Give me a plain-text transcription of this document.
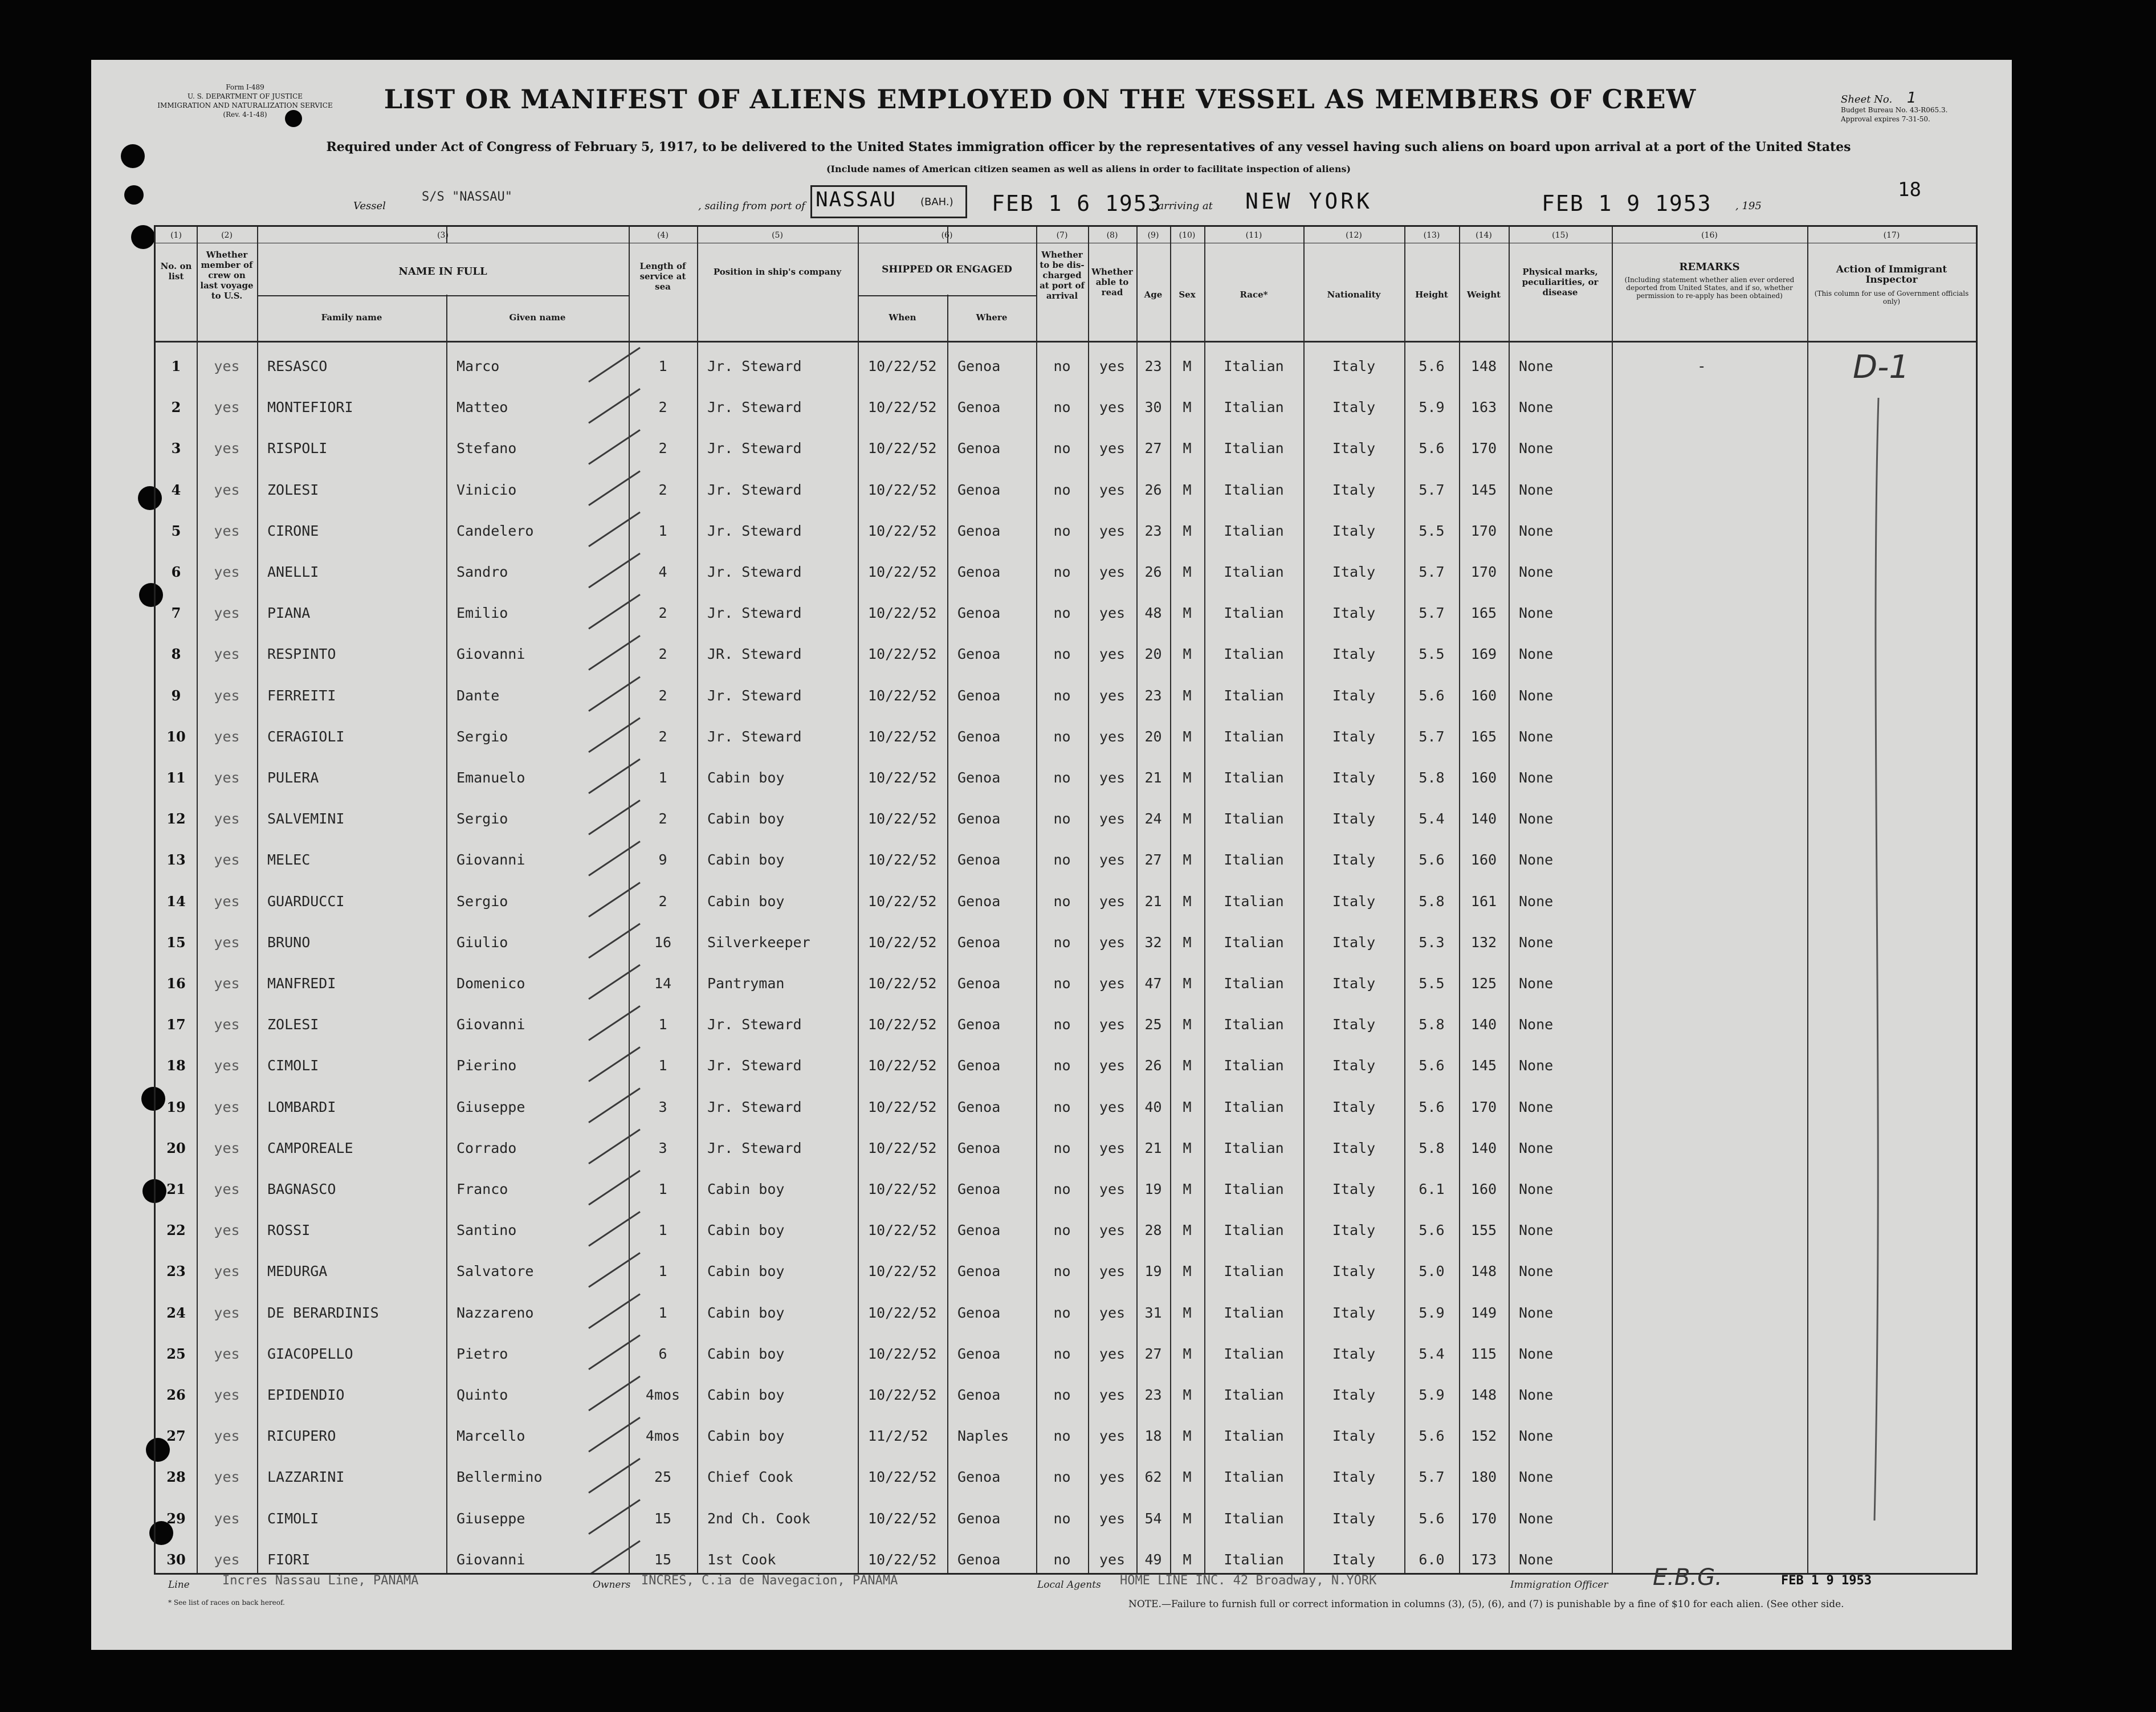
Form I-489
U. S. DEPARTMENT OF JUSTICE
IMMIGRATION AND NATURALIZATION SERVICE
(Rev. 4-1-48)	LIST OR MANIFEST OF ALIENS EMPLOYED ON THE VESSEL AS MEMBERS OF CREW
Required under Act of Congress of February 5, 1917, to be delivered to the United States immigration officer by the representatives of any vessel having such aliens on board upon arrival at a port of the United States
(Include names of American citizen seamen as well as aliens in order to facilitate inspection of aliens)
Sheet No. 1
Budget Bureau No. 43-R065.3.
Approval expires 7-31-50.
18
Vessel
S/S "NASSAU"
, sailing from port of NASSAU (BAH.) FEB 1 6 1953
, arriving at NEW YORK	FEB 1 9 1953 , 195
(1)	(2)	(3)	(4)	(5)	(6)	(7)	(8)	(9)	(10)	(11)	(12)	(13)	(14)	(15)	(16)	(17)
No. on list
Whether member of crew on last voyage to U.S.
NAME IN FULL
Family name	Given name
Length of service at sea
Position in ship's company	SHIPPED OR ENGAGED
When	Where
Whether to be dis-charged at port of arrival
Whether able to read	Age	Sex	Race*	Nationality	Height	Weight
Physical marks, peculiarities, or disease
REMARKS
(Including statement whether alien ever ordered deported from United States, and if so, whether permission to re-apply has been obtained)
Action of Immigrant Inspector
(This column for use of Government officials only)
1	yes	RESASCO	Marco	1	Jr. Steward	10/22/52	Genoa	no	yes	23	M	Italian	Italy	5.6	148	None
2	yes	MONTEFIORI	Matteo	2	Jr. Steward	10/22/52	Genoa	no	yes	30	M	Italian	Italy	5.9	163	None
3	yes	RISPOLI	Stefano	2	Jr. Steward	10/22/52	Genoa	no	yes	27	M	Italian	Italy	5.6	170	None
4	yes	ZOLESI	Vinicio	2	Jr. Steward	10/22/52	Genoa	no	yes	26	M	Italian	Italy	5.7	145	None
5	yes	CIRONE	Candelero	1	Jr. Steward	10/22/52	Genoa	no	yes	23	M	Italian	Italy	5.5	170	None
6	yes	ANELLI	Sandro	4	Jr. Steward	10/22/52	Genoa	no	yes	26	M	Italian	Italy	5.7	170	None
7	yes	PIANA	Emilio	2	Jr. Steward	10/22/52	Genoa	no	yes	48	M	Italian	Italy	5.7	165	None
8	yes	RESPINTO	Giovanni	2	JR. Steward	10/22/52	Genoa	no	yes	20	M	Italian	Italy	5.5	169	None
9	yes	FERREITI	Dante	2	Jr. Steward	10/22/52	Genoa	no	yes	23	M	Italian	Italy	5.6	160	None
10	yes	CERAGIOLI	Sergio	2	Jr. Steward	10/22/52	Genoa	no	yes	20	M	Italian	Italy	5.7	165	None
11	yes	PULERA	Emanuelo	1	Cabin boy	10/22/52	Genoa	no	yes	21	M	Italian	Italy	5.8	160	None
12	yes	SALVEMINI	Sergio	2	Cabin boy	10/22/52	Genoa	no	yes	24	M	Italian	Italy	5.4	140	None
13	yes	MELEC	Giovanni	9	Cabin boy	10/22/52	Genoa	no	yes	27	M	Italian	Italy	5.6	160	None
14	yes	GUARDUCCI	Sergio	2	Cabin boy	10/22/52	Genoa	no	yes	21	M	Italian	Italy	5.8	161	None
15	yes	BRUNO	Giulio	16	Silverkeeper	10/22/52	Genoa	no	yes	32	M	Italian	Italy	5.3	132	None
16	yes	MANFREDI	Domenico	14	Pantryman	10/22/52	Genoa	no	yes	47	M	Italian	Italy	5.5	125	None
17	yes	ZOLESI	Giovanni	1	Jr. Steward	10/22/52	Genoa	no	yes	25	M	Italian	Italy	5.8	140	None
18	yes	CIMOLI	Pierino	1	Jr. Steward	10/22/52	Genoa	no	yes	26	M	Italian	Italy	5.6	145	None
19	yes	LOMBARDI	Giuseppe	3	Jr. Steward	10/22/52	Genoa	no	yes	40	M	Italian	Italy	5.6	170	None
20	yes	CAMPOREALE	Corrado	3	Jr. Steward	10/22/52	Genoa	no	yes	21	M	Italian	Italy	5.8	140	None
21	yes	BAGNASCO	Franco	1	Cabin boy	10/22/52	Genoa	no	yes	19	M	Italian	Italy	6.1	160	None
22	yes	ROSSI	Santino	1	Cabin boy	10/22/52	Genoa	no	yes	28	M	Italian	Italy	5.6	155	None
23	yes	MEDURGA	Salvatore	1	Cabin boy	10/22/52	Genoa	no	yes	19	M	Italian	Italy	5.0	148	None
24	yes	DE BERARDINIS	Nazzareno	1	Cabin boy	10/22/52	Genoa	no	yes	31	M	Italian	Italy	5.9	149	None
25	yes	GIACOPELLO	Pietro	6	Cabin boy	10/22/52	Genoa	no	yes	27	M	Italian	Italy	5.4	115	None
26	yes	EPIDENDIO	Quinto	4mos	Cabin boy	10/22/52	Genoa	no	yes	23	M	Italian	Italy	5.9	148	None
27	yes	RICUPERO	Marcello	4mos	Cabin boy	11/2/52	Naples	no	yes	18	M	Italian	Italy	5.6	152	None
28	yes	LAZZARINI	Bellermino	25	Chief Cook	10/22/52	Genoa	no	yes	62	M	Italian	Italy	5.7	180	None
29	yes	CIMOLI	Giuseppe	15	2nd Ch. Cook	10/22/52	Genoa	no	yes	54	M	Italian	Italy	5.6	170	None
30	yes	FIORI	Giovanni	15	1st Cook	10/22/52	Genoa	no	yes	49	M	Italian	Italy	6.0	173	None
-	D-1
Line	Incres Nassau Line, PANAMA	Owners INCRES, C.ia de Navegacion, PANAMA	Local Agents HOME LINE INC. 42 Broadway, N.YORK	Immigration Officer E.B.G.	FEB 1 9 1953
* See list of races on back hereof.	NOTE.—Failure to furnish full or correct information in columns (3), (5), (6), and (7) is punishable by a fine of $10 for each alien. (See other side.
